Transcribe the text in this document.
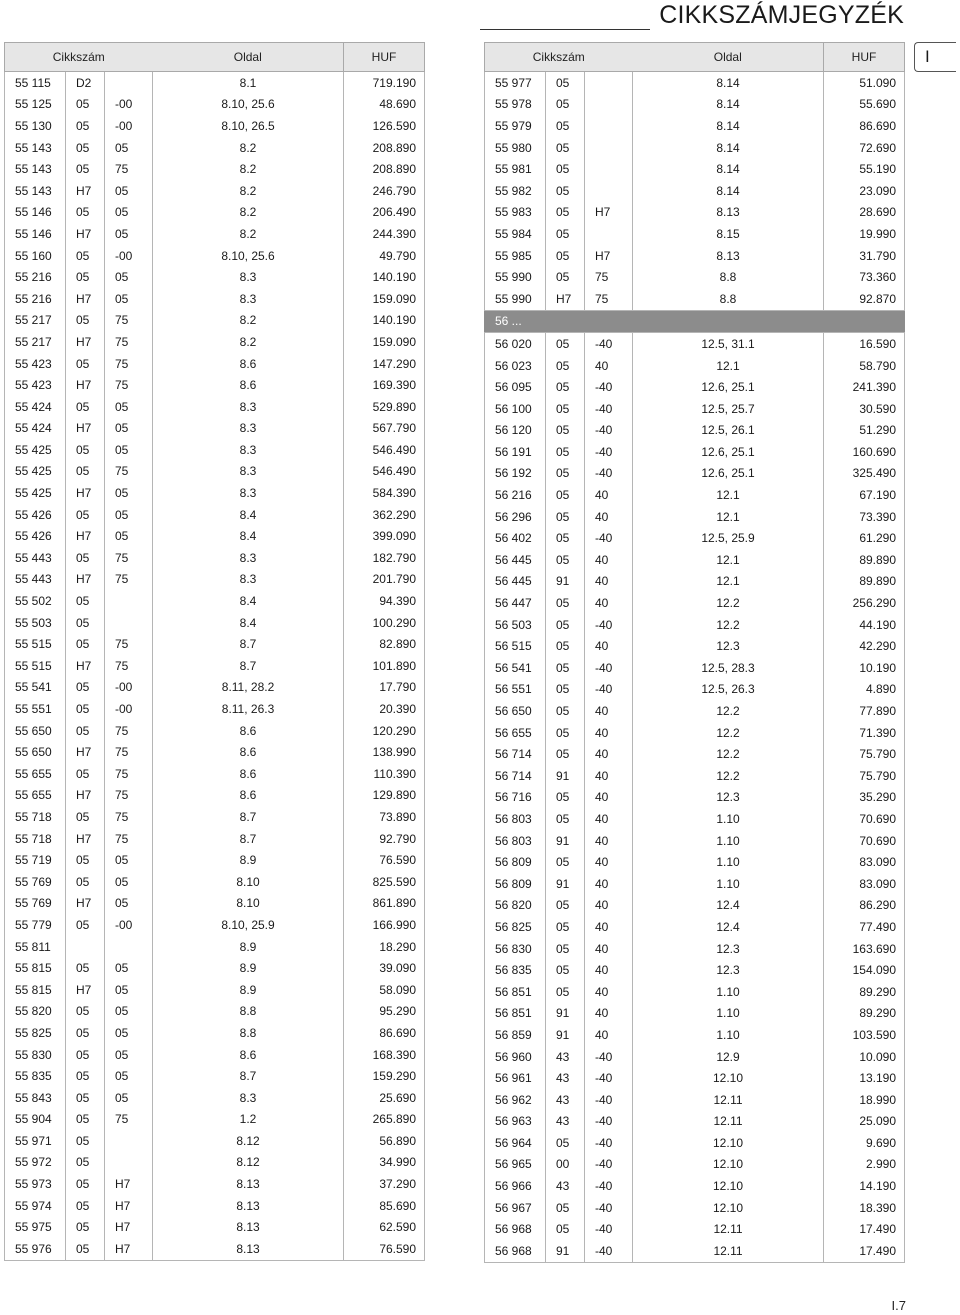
CIKKSZÁMJEGYZÉK
I
Cikkszám			Oldal	HUF
55 115	D2		8.1	719.190
55 125	05	-00	8.10, 25.6	48.690
55 130	05	-00	8.10, 26.5	126.590
55 143	05	05	8.2	208.890
55 143	05	75	8.2	208.890
55 143	H7	05	8.2	246.790
55 146	05	05	8.2	206.490
55 146	H7	05	8.2	244.390
55 160	05	-00	8.10, 25.6	49.790
55 216	05	05	8.3	140.190
55 216	H7	05	8.3	159.090
55 217	05	75	8.2	140.190
55 217	H7	75	8.2	159.090
55 423	05	75	8.6	147.290
55 423	H7	75	8.6	169.390
55 424	05	05	8.3	529.890
55 424	H7	05	8.3	567.790
55 425	05	05	8.3	546.490
55 425	05	75	8.3	546.490
55 425	H7	05	8.3	584.390
55 426	05	05	8.4	362.290
55 426	H7	05	8.4	399.090
55 443	05	75	8.3	182.790
55 443	H7	75	8.3	201.790
55 502	05		8.4	94.390
55 503	05		8.4	100.290
55 515	05	75	8.7	82.890
55 515	H7	75	8.7	101.890
55 541	05	-00	8.11, 28.2	17.790
55 551	05	-00	8.11, 26.3	20.390
55 650	05	75	8.6	120.290
55 650	H7	75	8.6	138.990
55 655	05	75	8.6	110.390
55 655	H7	75	8.6	129.890
55 718	05	75	8.7	73.890
55 718	H7	75	8.7	92.790
55 719	05	05	8.9	76.590
55 769	05	05	8.10	825.590
55 769	H7	05	8.10	861.890
55 779	05	-00	8.10, 25.9	166.990
55 811			8.9	18.290
55 815	05	05	8.9	39.090
55 815	H7	05	8.9	58.090
55 820	05	05	8.8	95.290
55 825	05	05	8.8	86.690
55 830	05	05	8.6	168.390
55 835	05	05	8.7	159.290
55 843	05	05	8.3	25.690
55 904	05	75	1.2	265.890
55 971	05		8.12	56.890
55 972	05		8.12	34.990
55 973	05	H7	8.13	37.290
55 974	05	H7	8.13	85.690
55 975	05	H7	8.13	62.590
55 976	05	H7	8.13	76.590
Cikkszám			Oldal	HUF
55 977	05		8.14	51.090
55 978	05		8.14	55.690
55 979	05		8.14	86.690
55 980	05		8.14	72.690
55 981	05		8.14	55.190
55 982	05		8.14	23.090
55 983	05	H7	8.13	28.690
55 984	05		8.15	19.990
55 985	05	H7	8.13	31.790
55 990	05	75	8.8	73.360
55 990	H7	75	8.8	92.870
56 ...				
56 020	05	-40	12.5, 31.1	16.590
56 023	05	40	12.1	58.790
56 095	05	-40	12.6, 25.1	241.390
56 100	05	-40	12.5, 25.7	30.590
56 120	05	-40	12.5, 26.1	51.290
56 191	05	-40	12.6, 25.1	160.690
56 192	05	-40	12.6, 25.1	325.490
56 216	05	40	12.1	67.190
56 296	05	40	12.1	73.390
56 402	05	-40	12.5, 25.9	61.290
56 445	05	40	12.1	89.890
56 445	91	40	12.1	89.890
56 447	05	40	12.2	256.290
56 503	05	-40	12.2	44.190
56 515	05	40	12.3	42.290
56 541	05	-40	12.5, 28.3	10.190
56 551	05	-40	12.5, 26.3	4.890
56 650	05	40	12.2	77.890
56 655	05	40	12.2	71.390
56 714	05	40	12.2	75.790
56 714	91	40	12.2	75.790
56 716	05	40	12.3	35.290
56 803	05	40	1.10	70.690
56 803	91	40	1.10	70.690
56 809	05	40	1.10	83.090
56 809	91	40	1.10	83.090
56 820	05	40	12.4	86.290
56 825	05	40	12.4	77.490
56 830	05	40	12.3	163.690
56 835	05	40	12.3	154.090
56 851	05	40	1.10	89.290
56 851	91	40	1.10	89.290
56 859	91	40	1.10	103.590
56 960	43	-40	12.9	10.090
56 961	43	-40	12.10	13.190
56 962	43	-40	12.11	18.990
56 963	43	-40	12.11	25.090
56 964	05	-40	12.10	9.690
56 965	00	-40	12.10	2.990
56 966	43	-40	12.10	14.190
56 967	05	-40	12.10	18.390
56 968	05	-40	12.11	17.490
56 968	91	-40	12.11	17.490
I.7
